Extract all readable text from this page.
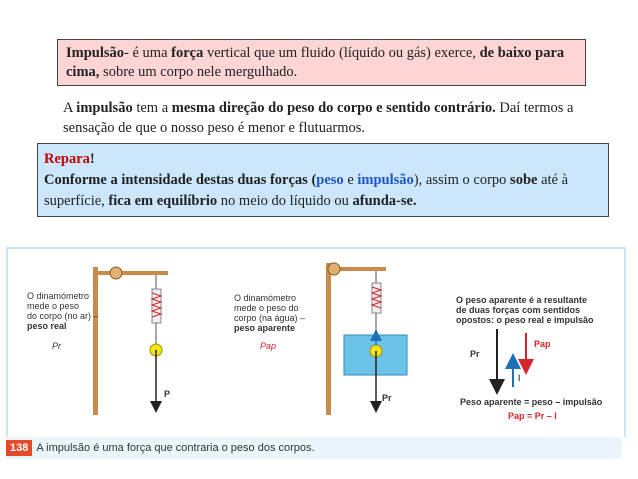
Impulsão- é uma força vertical que um fluido (líquido ou gás) exerce, de baixo para cima, sobre um corpo nele mergulhado.
A impulsão tem a mesma direção do peso do corpo e sentido contrário. Daí termos a sensação de que o nosso peso é menor e flutuarmos.
Repara!
Conforme a intensidade destas duas forças (peso e impulsão), assim o corpo sobe até à superfície, fica em equilíbrio no meio do líquido ou afunda-se.
O dinamómetro
mede o peso
do corpo (no ar) –
peso real
Pr
P
O dinamómetro
mede o peso do
corpo (na água) –
peso aparente
Pap
Pr
O peso aparente é a resultante
de duas forças com sentidos
opostos: o peso real e impulsão
Pr
Pap
I
Peso aparente = peso – impulsão
Pap = Pr – I
138 A impulsão é uma força que contraria o peso dos corpos.
